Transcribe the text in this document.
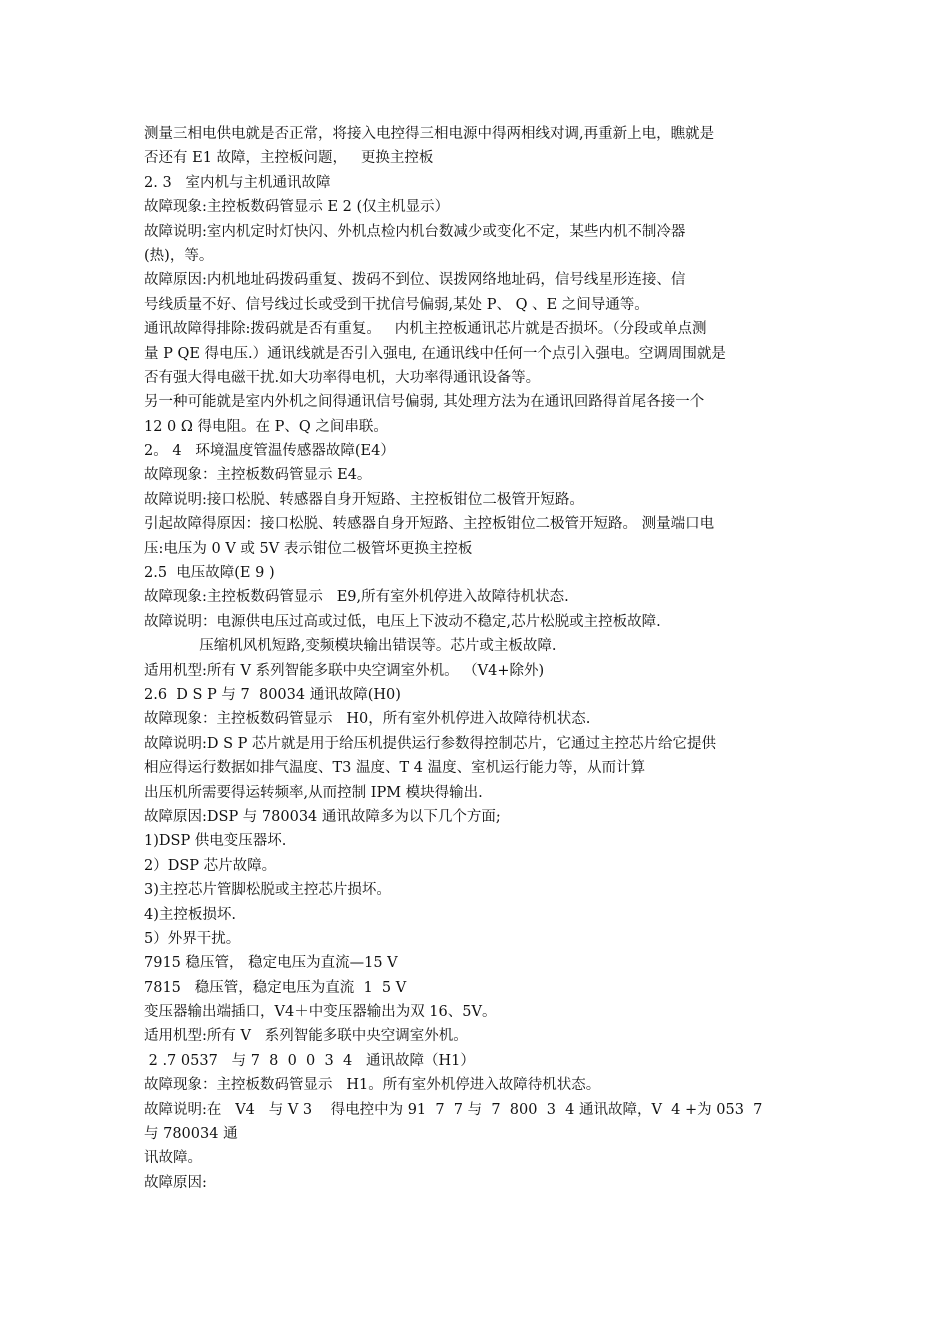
测量三相电供电就是否正常，将接入电控得三相电源中得两相线对调,再重新上电，瞧就是

否还有 E1 故障，主控板问题，   更换主控板

2. 3   室内机与主机通讯故障

故障现象:主控板数码管显示 E 2 (仅主机显示）

故障说明:室内机定时灯快闪、外机点检内机台数减少或变化不定，某些内机不制冷器

(热)，等。

故障原因:内机地址码拨码重复、拨码不到位、误拨网络地址码，信号线星形连接、信

号线质量不好、信号线过长或受到干扰信号偏弱,某处 P、 Q 、E 之间导通等。

通讯故障得排除:拨码就是否有重复。   内机主控板通讯芯片就是否损坏。（分段或单点测

量 P QE 得电压.）通讯线就是否引入强电, 在通讯线中任何一个点引入强电。空调周围就是

否有强大得电磁干扰.如大功率得电机，大功率得通讯设备等。

另一种可能就是室内外机之间得通讯信号偏弱, 其处理方法为在通讯回路得首尾各接一个

12 0 Ω 得电阻。在 P、Q 之间串联。

2。 4   环境温度管温传感器故障(E4）

故障现象：主控板数码管显示 E4。

故障说明:接口松脱、转感器自身开短路、主控板钳位二极管开短路。

引起故障得原因：接口松脱、转感器自身开短路、主控板钳位二极管开短路。 测量端口电

压:电压为 0 V 或 5V 表示钳位二极管坏更换主控板

2.5  电压故障(E 9 )

故障现象:主控板数码管显示   E9,所有室外机停进入故障待机状态.

故障说明：电源供电压过高或过低，电压上下波动不稳定,芯片松脱或主控板故障.

压缩机风机短路,变频模块输出错误等。芯片或主板故障.

适用机型:所有 V 系列智能多联中央空调室外机。 （V4+除外)

2.6  D S P 与 7  80034 通讯故障(H0)

故障现象：主控板数码管显示   H0，所有室外机停进入故障待机状态.

故障说明:D S P 芯片就是用于给压机提供运行参数得控制芯片，它通过主控芯片给它提供

相应得运行数据如排气温度、T3 温度、T 4 温度、室机运行能力等，从而计算

出压机所需要得运转频率,从而控制 IPM 模块得输出.

故障原因:DSP 与 780034 通讯故障多为以下几个方面;

1)DSP 供电变压器坏.

2）DSP 芯片故障。

3)主控芯片管脚松脱或主控芯片损坏。

4)主控板损坏.

5）外界干扰。

7915 稳压管， 稳定电压为直流—15 V

7815   稳压管，稳定电压为直流  1  5 V

变压器输出端插口，V4＋中变压器输出为双 16、5V。

适用机型:所有 V   系列智能多联中央空调室外机。

2 .7 0537   与 7  8  0  0  3  4   通讯故障（H1）

故障现象：主控板数码管显示   H1。所有室外机停进入故障待机状态。

故障说明:在   V4   与 V 3    得电控中为 91  7  7 与  7  800  3  4 通讯故障，V  4 +为 053  7

与 780034 通

讯故障。

故障原因:
